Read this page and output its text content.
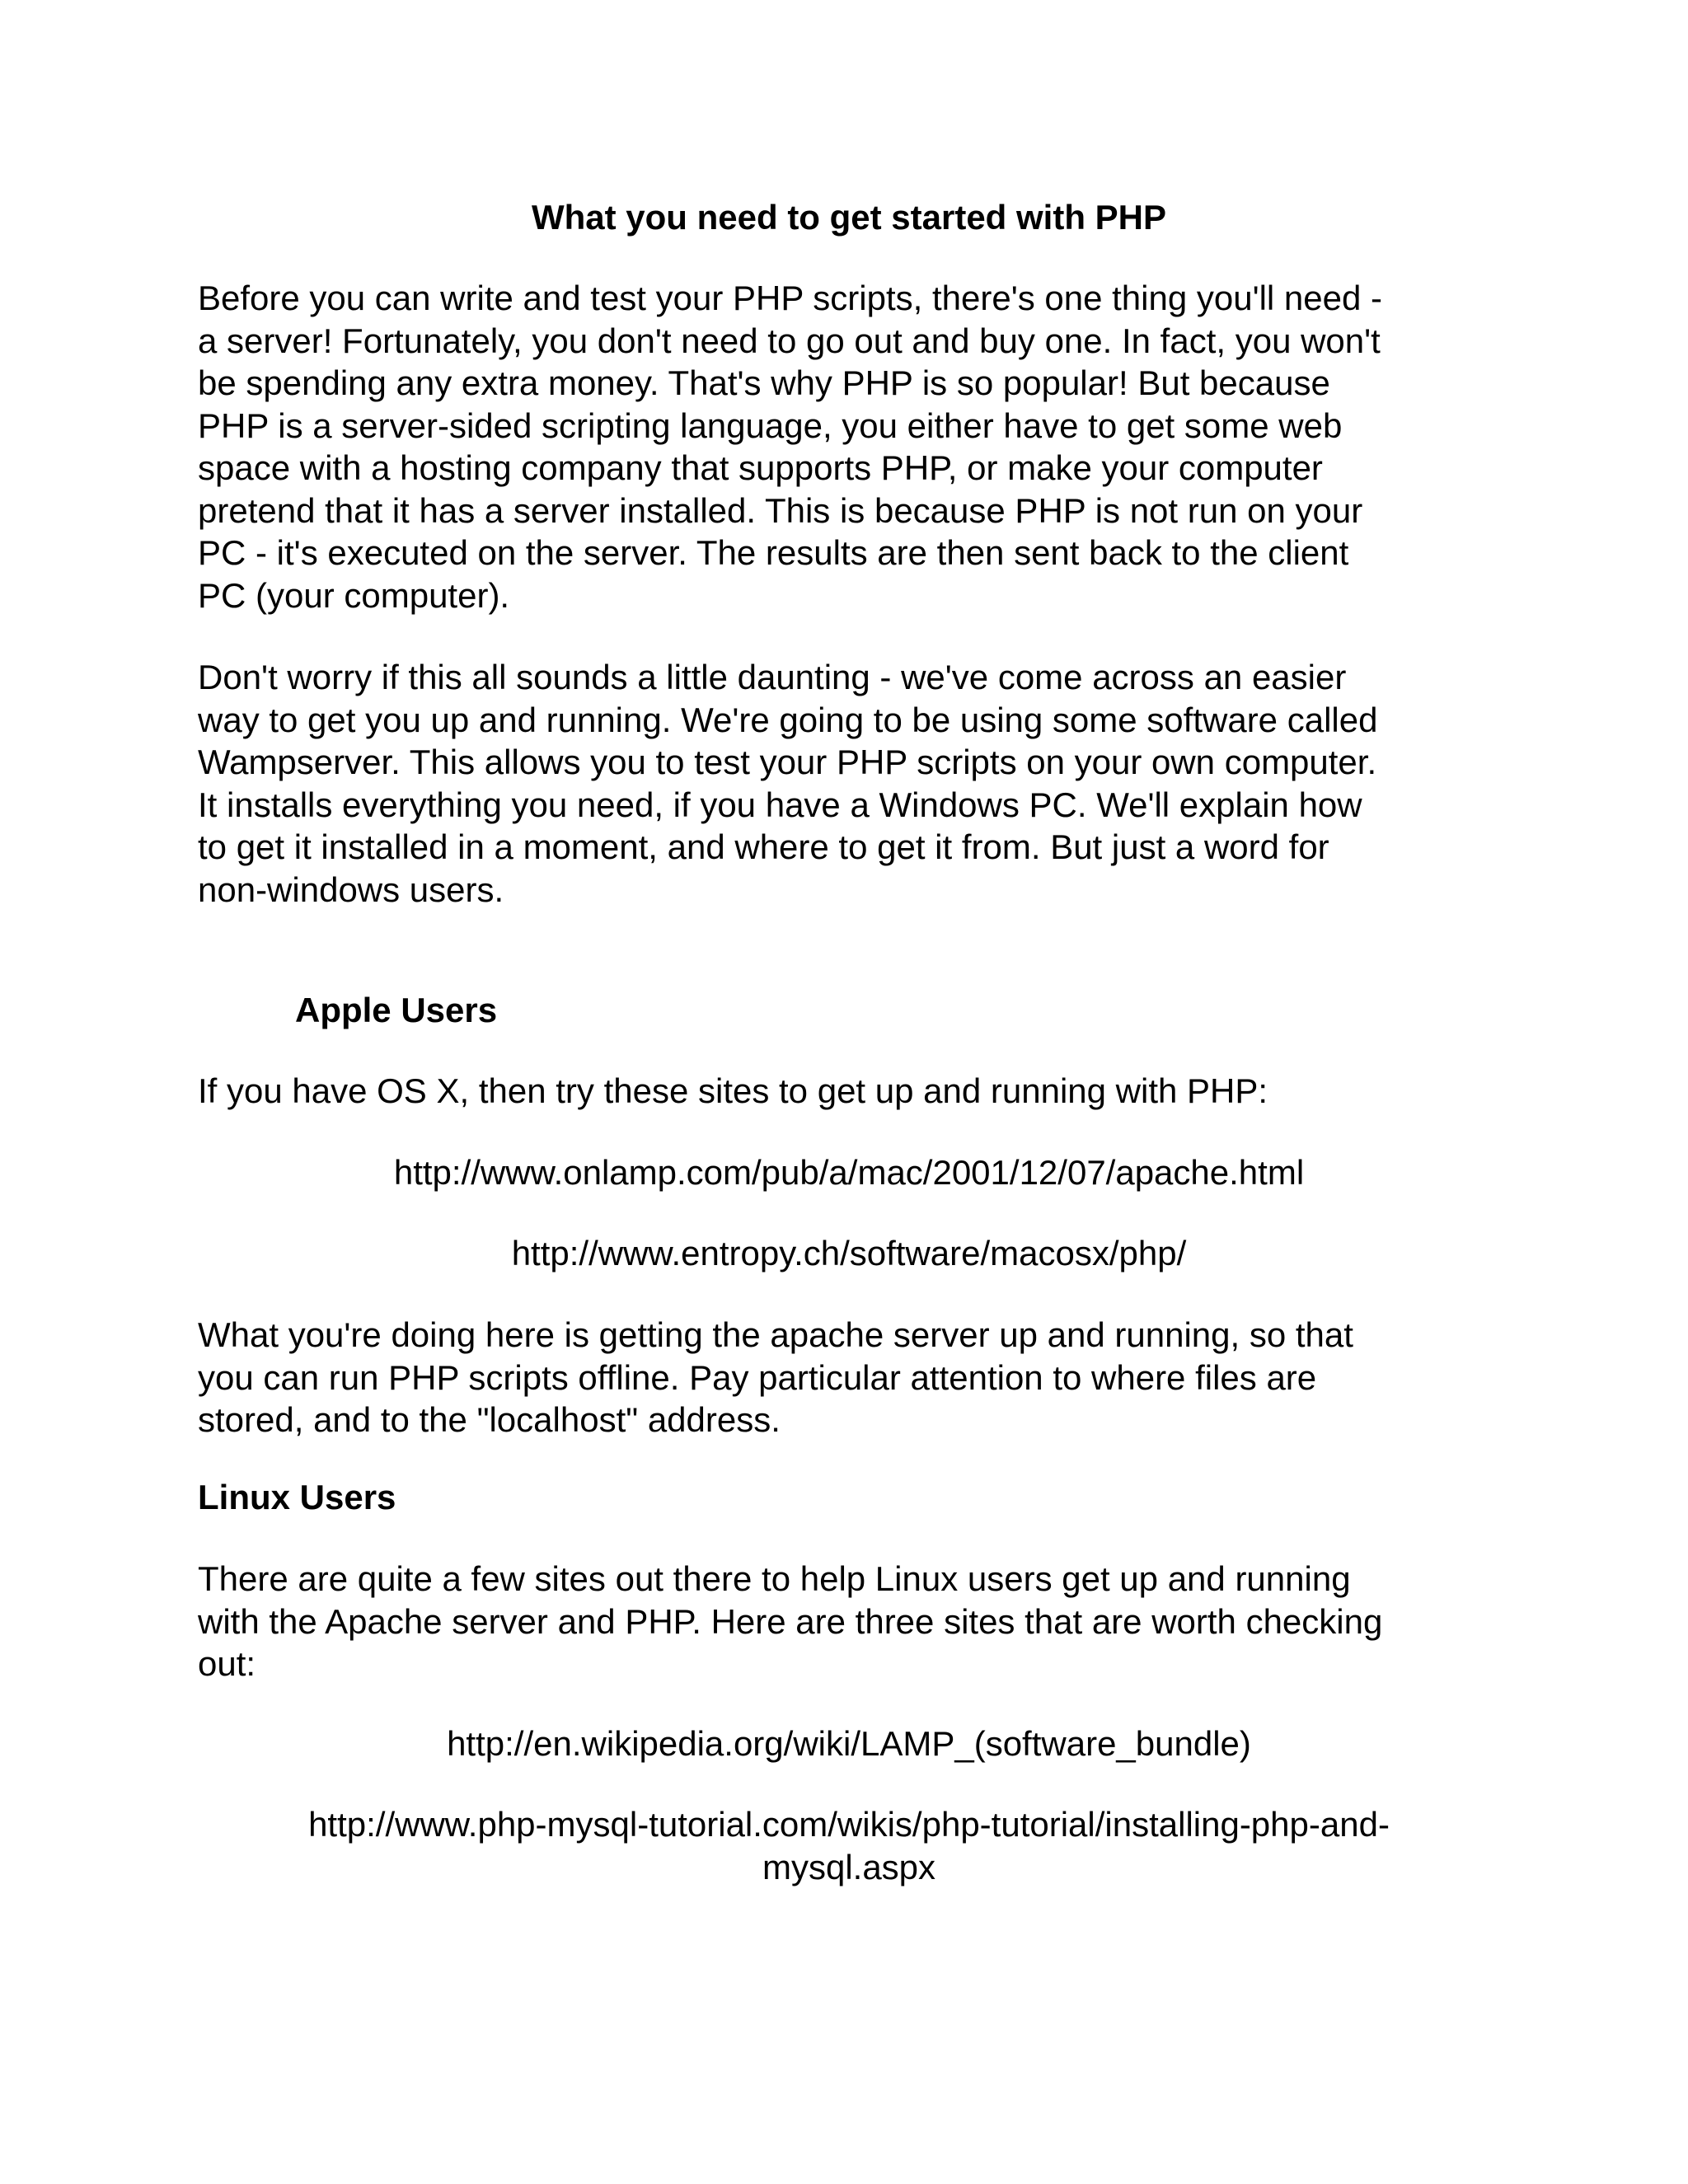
What you need to get started with PHP

Before you can write and test your PHP scripts, there's one thing you'll need -
a server! Fortunately, you don't need to go out and buy one. In fact, you won't
be spending any extra money. That's why PHP is so popular! But because
PHP is a server-sided scripting language, you either have to get some web
space with a hosting company that supports PHP, or make your computer
pretend that it has a server installed. This is because PHP is not run on your
PC - it's executed on the server. The results are then sent back to the client
PC (your computer).

Don't worry if this all sounds a little daunting - we've come across an easier
way to get you up and running. We're going to be using some software called
Wampserver. This allows you to test your PHP scripts on your own computer.
It installs everything you need, if you have a Windows PC. We'll explain how
to get it installed in a moment, and where to get it from. But just a word for
non-windows users.

Apple Users

If you have OS X, then try these sites to get up and running with PHP:

http://www.onlamp.com/pub/a/mac/2001/12/07/apache.html

http://www.entropy.ch/software/macosx/php/

What you're doing here is getting the apache server up and running, so that
you can run PHP scripts offline. Pay particular attention to where files are
stored, and to the "localhost" address.

Linux Users

There are quite a few sites out there to help Linux users get up and running
with the Apache server and PHP. Here are three sites that are worth checking
out:

http://en.wikipedia.org/wiki/LAMP_(software_bundle)

http://www.php-mysql-tutorial.com/wikis/php-tutorial/installing-php-and-
mysql.aspx
